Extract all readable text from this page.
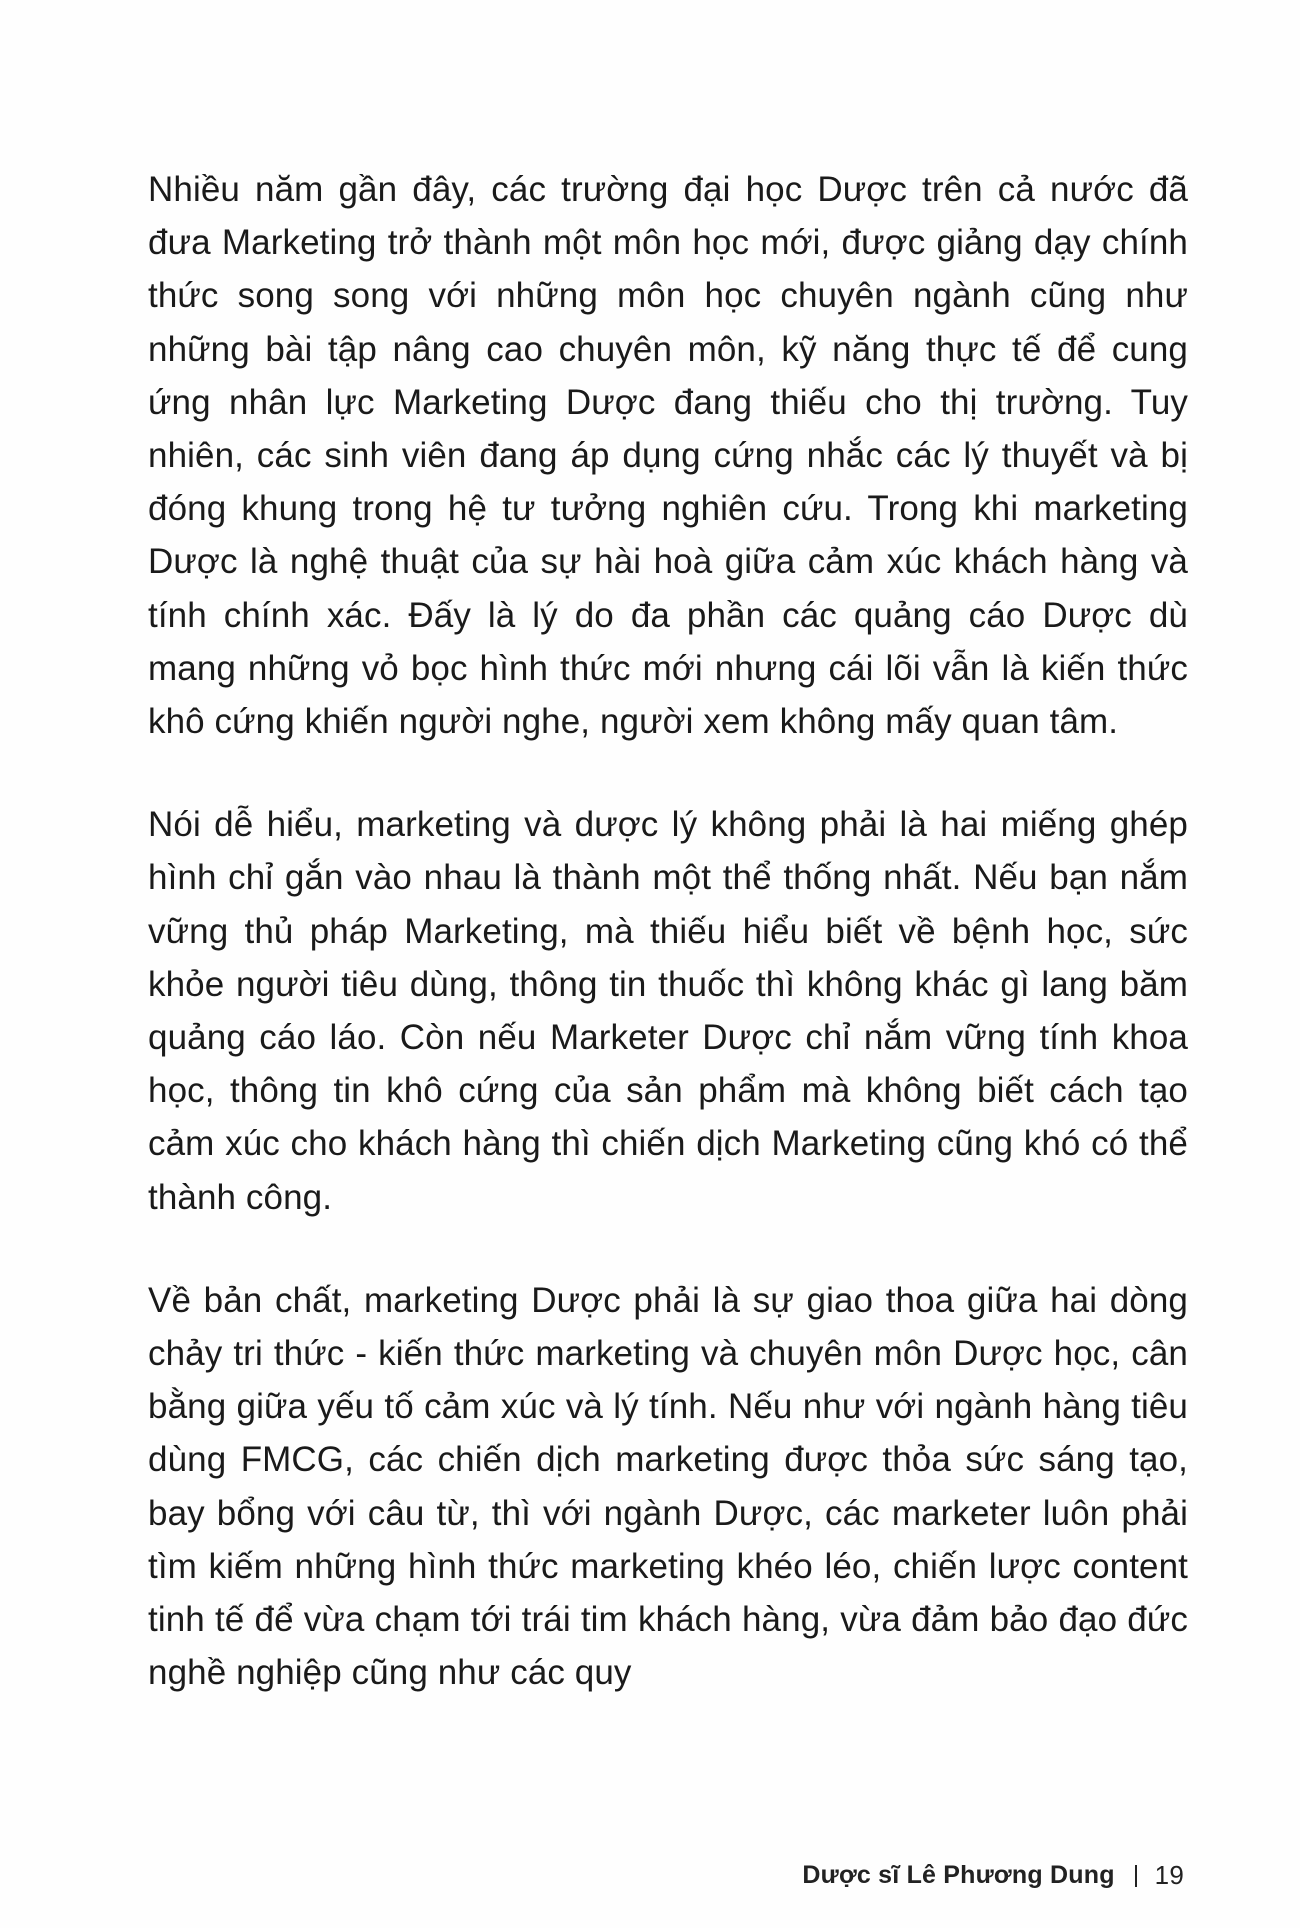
Nhiều năm gần đây, các trường đại học Dược trên cả nước đã đưa Marketing trở thành một môn học mới, được giảng dạy chính thức song song với những môn học chuyên ngành cũng như những bài tập nâng cao chuyên môn, kỹ năng thực tế để cung ứng nhân lực Marketing Dược đang thiếu cho thị trường. Tuy nhiên, các sinh viên đang áp dụng cứng nhắc các lý thuyết và bị đóng khung trong hệ tư tưởng nghiên cứu. Trong khi marketing Dược là nghệ thuật của sự hài hoà giữa cảm xúc khách hàng và tính chính xác. Đấy là lý do đa phần các quảng cáo Dược dù mang những vỏ bọc hình thức mới nhưng cái lõi vẫn là kiến thức khô cứng khiến người nghe, người xem không mấy quan tâm.

Nói dễ hiểu, marketing và dược lý không phải là hai miếng ghép hình chỉ gắn vào nhau là thành một thể thống nhất. Nếu bạn nắm vững thủ pháp Marketing, mà thiếu hiểu biết về bệnh học, sức khỏe người tiêu dùng, thông tin thuốc thì không khác gì lang băm quảng cáo láo. Còn nếu Marketer Dược chỉ nắm vững tính khoa học, thông tin khô cứng của sản phẩm mà không biết cách tạo cảm xúc cho khách hàng thì chiến dịch Marketing cũng khó có thể thành công.

Về bản chất, marketing Dược phải là sự giao thoa giữa hai dòng chảy tri thức - kiến thức marketing và chuyên môn Dược học, cân bằng giữa yếu tố cảm xúc và lý tính. Nếu như với ngành hàng tiêu dùng FMCG, các chiến dịch marketing được thỏa sức sáng tạo, bay bổng với câu từ, thì với ngành Dược, các marketer luôn phải tìm kiếm những hình thức marketing khéo léo, chiến lược content tinh tế để vừa chạm tới trái tim khách hàng, vừa đảm bảo đạo đức nghề nghiệp cũng như các quy

Dược sĩ Lê Phương Dung 19
